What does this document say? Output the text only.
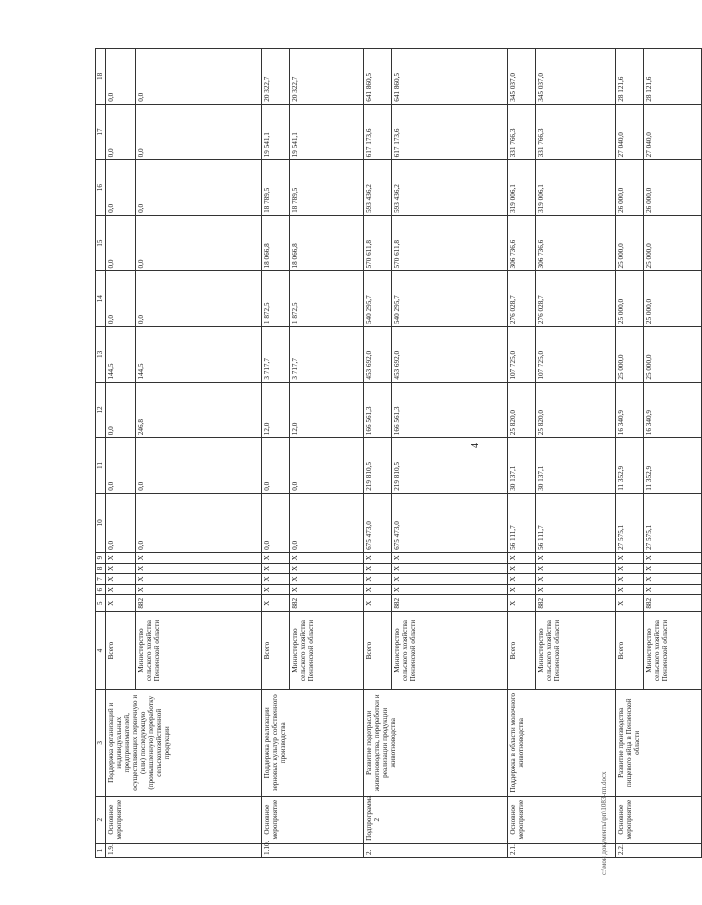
4
1	2	3	4	5	6	7	8	9	10	11	12	13	14	15	16	17	18
1.9.	Основное мероприятие	Поддержка организаций и индивидуальных предпринимателей, осуществляющих первичную и (или) последующую (промышленную) переработку сельскохозяйственной продукции	Всего	X	X	X	X	X	0,0	0,0	0,0	144,5	0,0	0,0	0,0	0,0	0,0
			Министерство сельского хозяйства Пензенской области	882	X	X	X	X	0,0	0,0	246,8	144,5	0,0	0,0	0,0	0,0	0,0
1.10.	Основное мероприятие	Поддержка реализации зерновых культур собственного производства	Всего	X	X	X	X	X	0,0	0,0	12,0	3 717,7	1 872,5	18 066,8	18 789,5	19 541,1	20 322,7
			Министерство сельского хозяйства Пензенской области	882	X	X	X	X	0,0	0,0	12,0	3 717,7	1 872,5	18 066,8	18 789,5	19 541,1	20 322,7
2.	Подпрограмма 2	Развитие подотрасли животноводства, переработки и реализации продукции животноводства	Всего	X	X	X	X	X	675 473,0	219 810,5	166 561,3	453 692,0	540 295,7	570 611,8	593 436,2	617 173,6	641 860,5
			Министерство сельского хозяйства Пензенской области	882	X	X	X	X	675 473,0	219 810,5	166 561,3	453 692,0	540 295,7	570 611,8	593 436,2	617 173,6	641 860,5
2.1.	Основное мероприятие	Поддержка в области молочного животноводства	Всего	X	X	X	X	X	56 111,7	30 137,1	25 820,0	107 725,0	276 028,7	306 736,6	319 006,1	331 766,3	345 037,0
			Министерство сельского хозяйства Пензенской области	882	X	X	X	X	56 111,7	30 137,1	25 820,0	107 725,0	276 028,7	306 736,6	319 006,1	331 766,3	345 037,0
2.2.	Основное мероприятие	Развитие производства пищевого яйца в Пензенской области	Всего	X	X	X	X	X	27 575,1	11 352,9	16 340,9	25 000,0	25 000,0	25 000,0	26 000,0	27 040,0	28 121,6
			Министерство сельского хозяйства Пензенской области	882	X	X	X	X	27 575,1	11 352,9	16 340,9	25 000,0	25 000,0	25 000,0	26 000,0	27 040,0	28 121,6
c:\мои документы\рп\1083-пп.docx
